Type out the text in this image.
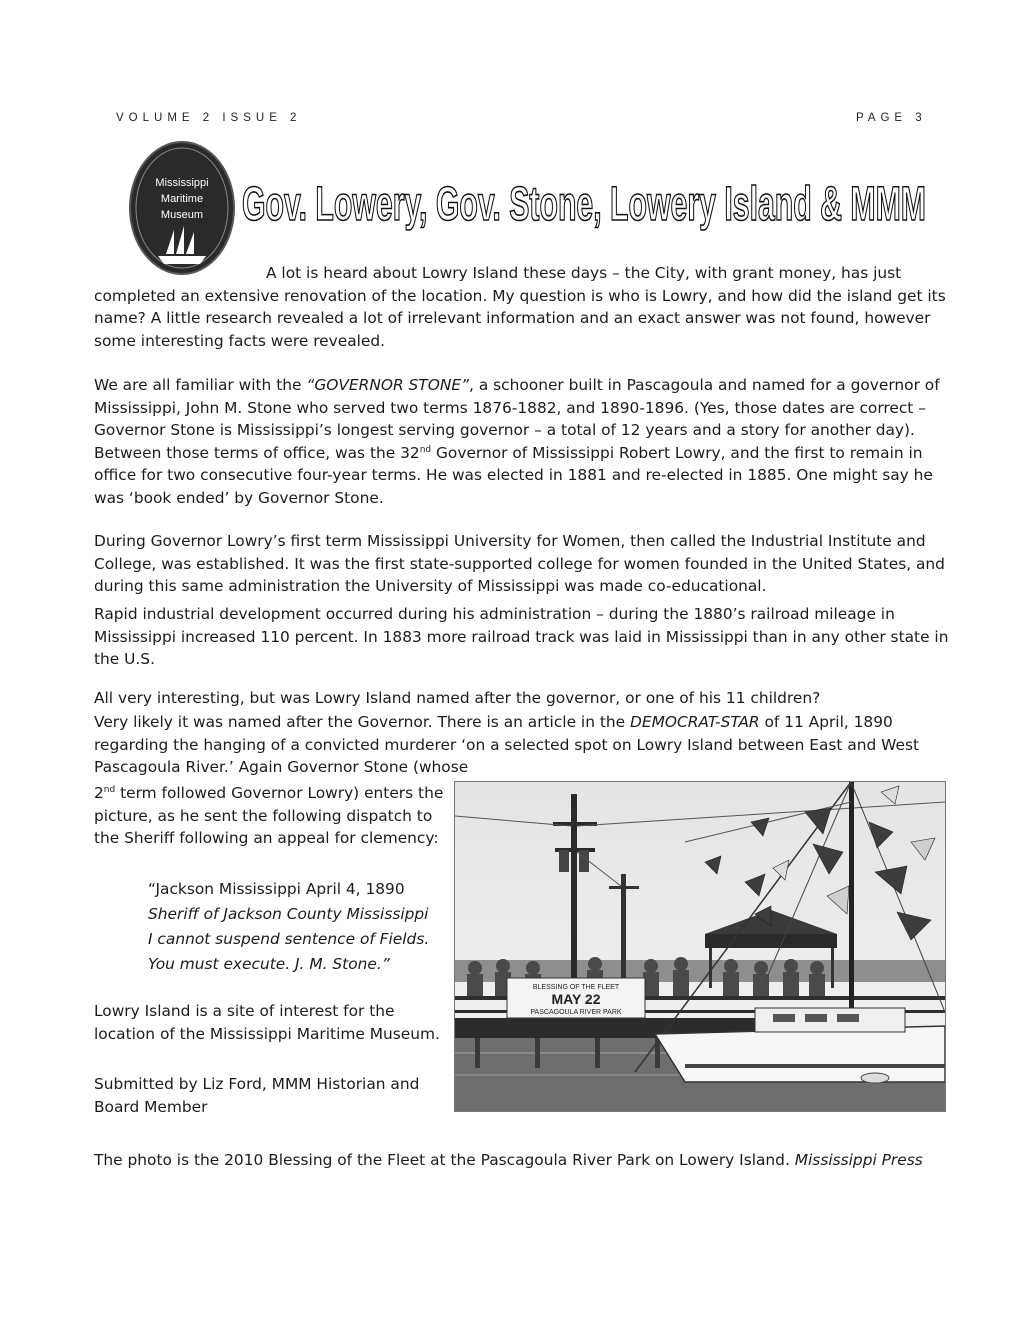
VOLUME 2 ISSUE 2	PAGE 3
Mississippi
Maritime
Museum Gov. Lowery, Gov. Stone, Lowery Island & MMM

A lot is heard about Lowry Island these days – the City, with grant money, has just completed an extensive renovation of the location. My question is who is Lowry, and how did the island get its name? A little research revealed a lot of irrelevant information and an exact answer was not found, however some interesting facts were revealed.

We are all familiar with the “GOVERNOR STONE”, a schooner built in Pascagoula and named for a governor of Mississippi, John M. Stone who served two terms 1876-1882, and 1890-1896. (Yes, those dates are correct – Governor Stone is Mississippi’s longest serving governor – a total of 12 years and a story for another day). Between those terms of office, was the 32nd Governor of Mississippi Robert Lowry, and the first to remain in office for two consecutive four-year terms. He was elected in 1881 and re-elected in 1885. One might say he was ‘book ended’ by Governor Stone.

During Governor Lowry’s first term Mississippi University for Women, then called the Industrial Institute and College, was established. It was the first state-supported college for women founded in the United States, and during this same administration the University of Mississippi was made co-educational.

Rapid industrial development occurred during his administration – during the 1880’s railroad mileage in Mississippi increased 110 percent. In 1883 more railroad track was laid in Mississippi than in any other state in the U.S.

All very interesting, but was Lowry Island named after the governor, or one of his 11 children?

Very likely it was named after the Governor. There is an article in the DEMOCRAT-STAR of 11 April, 1890 regarding the hanging of a convicted murderer ‘on a selected spot on Lowry Island between East and West Pascagoula River.’ Again Governor Stone (whose

2nd term followed Governor Lowry) enters the picture, as he sent the following dispatch to the Sheriff following an appeal for clemency:

“Jackson Mississippi April 4, 1890
Sheriff of Jackson County Mississippi
I cannot suspend sentence of Fields.
You must execute. J. M. Stone.”

Lowry Island is a site of interest for the location of the Mississippi Maritime Museum.

Submitted by Liz Ford, MMM Historian and Board Member

The photo is the 2010 Blessing of the Fleet at the Pascagoula River Park on Lowery Island. Mississippi Press

BLESSING OF THE FLEET
MAY 22
PASCAGOULA RIVER PARK
